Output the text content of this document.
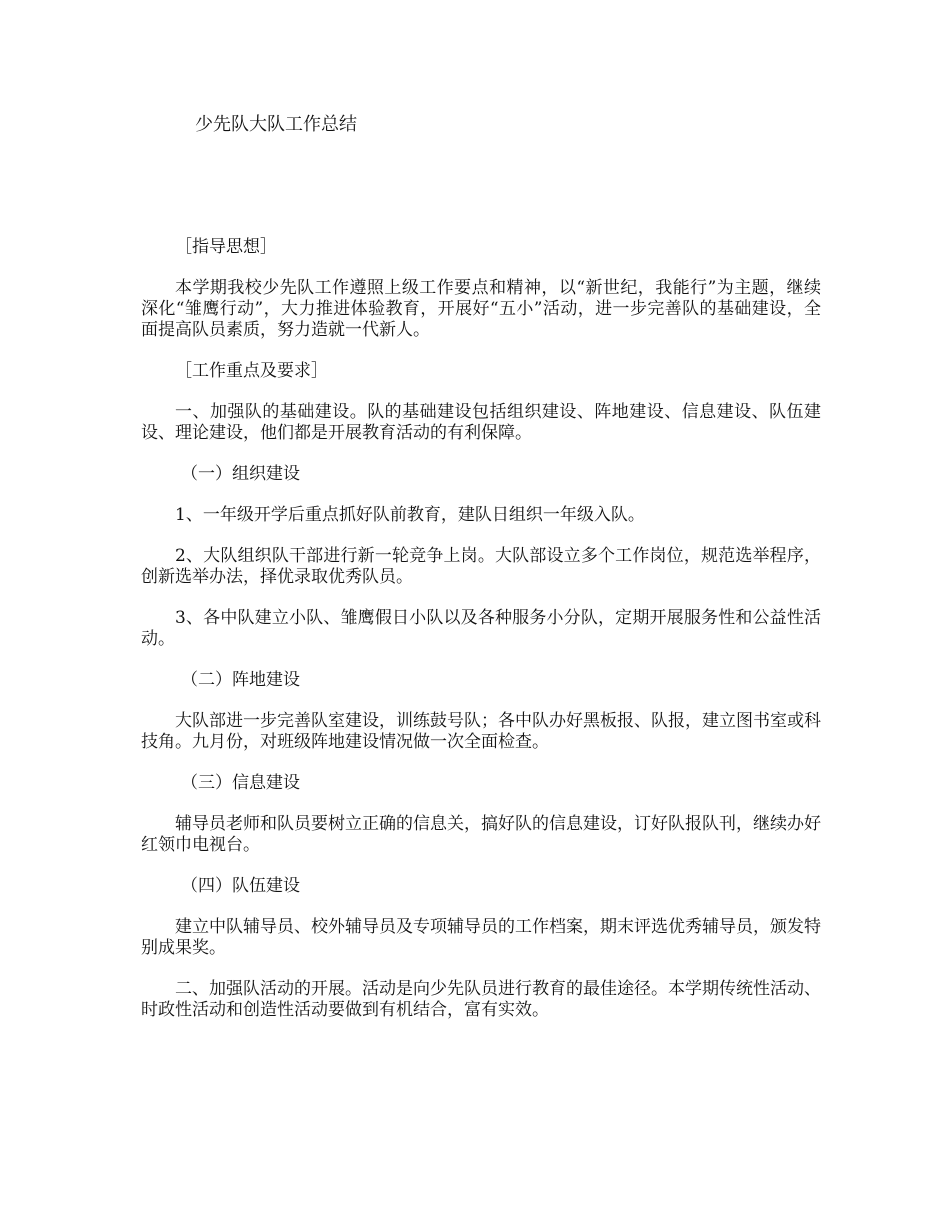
少先队大队工作总结

［指导思想］

本学期我校少先队工作遵照上级工作要点和精神，以“新世纪，我能行”为主题，继续深化“雏鹰行动”，大力推进体验教育，开展好“五小”活动，进一步完善队的基础建设，全面提高队员素质，努力造就一代新人。

［工作重点及要求］

一、加强队的基础建设。队的基础建设包括组织建设、阵地建设、信息建设、队伍建设、理论建设，他们都是开展教育活动的有利保障。

（一）组织建设

1、一年级开学后重点抓好队前教育，建队日组织一年级入队。

2、大队组织队干部进行新一轮竞争上岗。大队部设立多个工作岗位，规范选举程序，创新选举办法，择优录取优秀队员。

3、各中队建立小队、雏鹰假日小队以及各种服务小分队，定期开展服务性和公益性活动。

（二）阵地建设

大队部进一步完善队室建设，训练鼓号队；各中队办好黑板报、队报，建立图书室或科技角。九月份，对班级阵地建设情况做一次全面检查。

（三）信息建设

辅导员老师和队员要树立正确的信息关，搞好队的信息建设，订好队报队刊，继续办好红领巾电视台。

（四）队伍建设

建立中队辅导员、校外辅导员及专项辅导员的工作档案，期末评选优秀辅导员，颁发特别成果奖。

二、加强队活动的开展。活动是向少先队员进行教育的最佳途径。本学期传统性活动、时政性活动和创造性活动要做到有机结合，富有实效。
